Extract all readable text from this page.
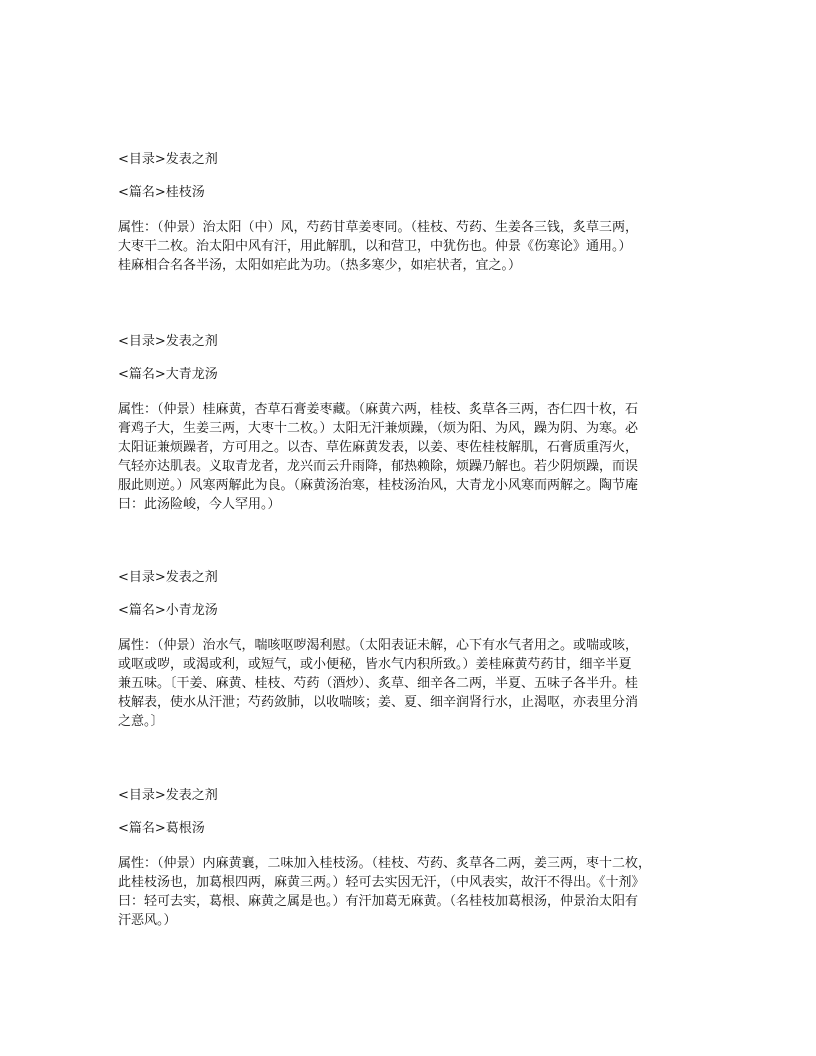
<目录>发表之剂

<篇名>桂枝汤

属性：（仲景）治太阳（中）风，芍药甘草姜枣同。（桂枝、芍药、生姜各三钱，炙草三两，

大枣干二枚。治太阳中风有汗，用此解肌，以和营卫，中犹伤也。仲景《伤寒论》通用。）

桂麻相合名各半汤，太阳如疟此为功。（热多寒少，如疟状者，宜之。）

<目录>发表之剂

<篇名>大青龙汤

属性：（仲景）桂麻黄，杏草石膏姜枣藏。（麻黄六两，桂枝、炙草各三两，杏仁四十枚，石

膏鸡子大，生姜三两，大枣十二枚。）太阳无汗兼烦躁，（烦为阳、为风，躁为阴、为寒。必

太阳证兼烦躁者，方可用之。以杏、草佐麻黄发表，以姜、枣佐桂枝解肌，石膏质重泻火，

气轻亦达肌表。义取青龙者，龙兴而云升雨降，郁热赖除，烦躁乃解也。若少阴烦躁，而误

服此则逆。）风寒两解此为良。（麻黄汤治寒，桂枝汤治风，大青龙小风寒而两解之。陶节庵

曰：此汤险峻，今人罕用。）

<目录>发表之剂

<篇名>小青龙汤

属性：（仲景）治水气，喘咳呕哕渴利慰。（太阳表证未解，心下有水气者用之。或喘或咳，

或呕或哕，或渴或利，或短气，或小便秘，皆水气内积所致。）姜桂麻黄芍药甘，细辛半夏

兼五味。〔干姜、麻黄、桂枝、芍药（酒炒）、炙草、细辛各二两，半夏、五味子各半升。桂

枝解表，使水从汗泄；芍药敛肺，以收喘咳；姜、夏、细辛润肾行水，止渴呕，亦表里分消

之意。〕

<目录>发表之剂

<篇名>葛根汤

属性：（仲景）内麻黄襄，二味加入桂枝汤。（桂枝、芍药、炙草各二两，姜三两，枣十二枚，

此桂枝汤也，加葛根四两，麻黄三两。）轻可去实因无汗，（中风表实，故汗不得出。《十剂》

曰：轻可去实，葛根、麻黄之属是也。）有汗加葛无麻黄。（名桂枝加葛根汤，仲景治太阳有

汗恶风。）
